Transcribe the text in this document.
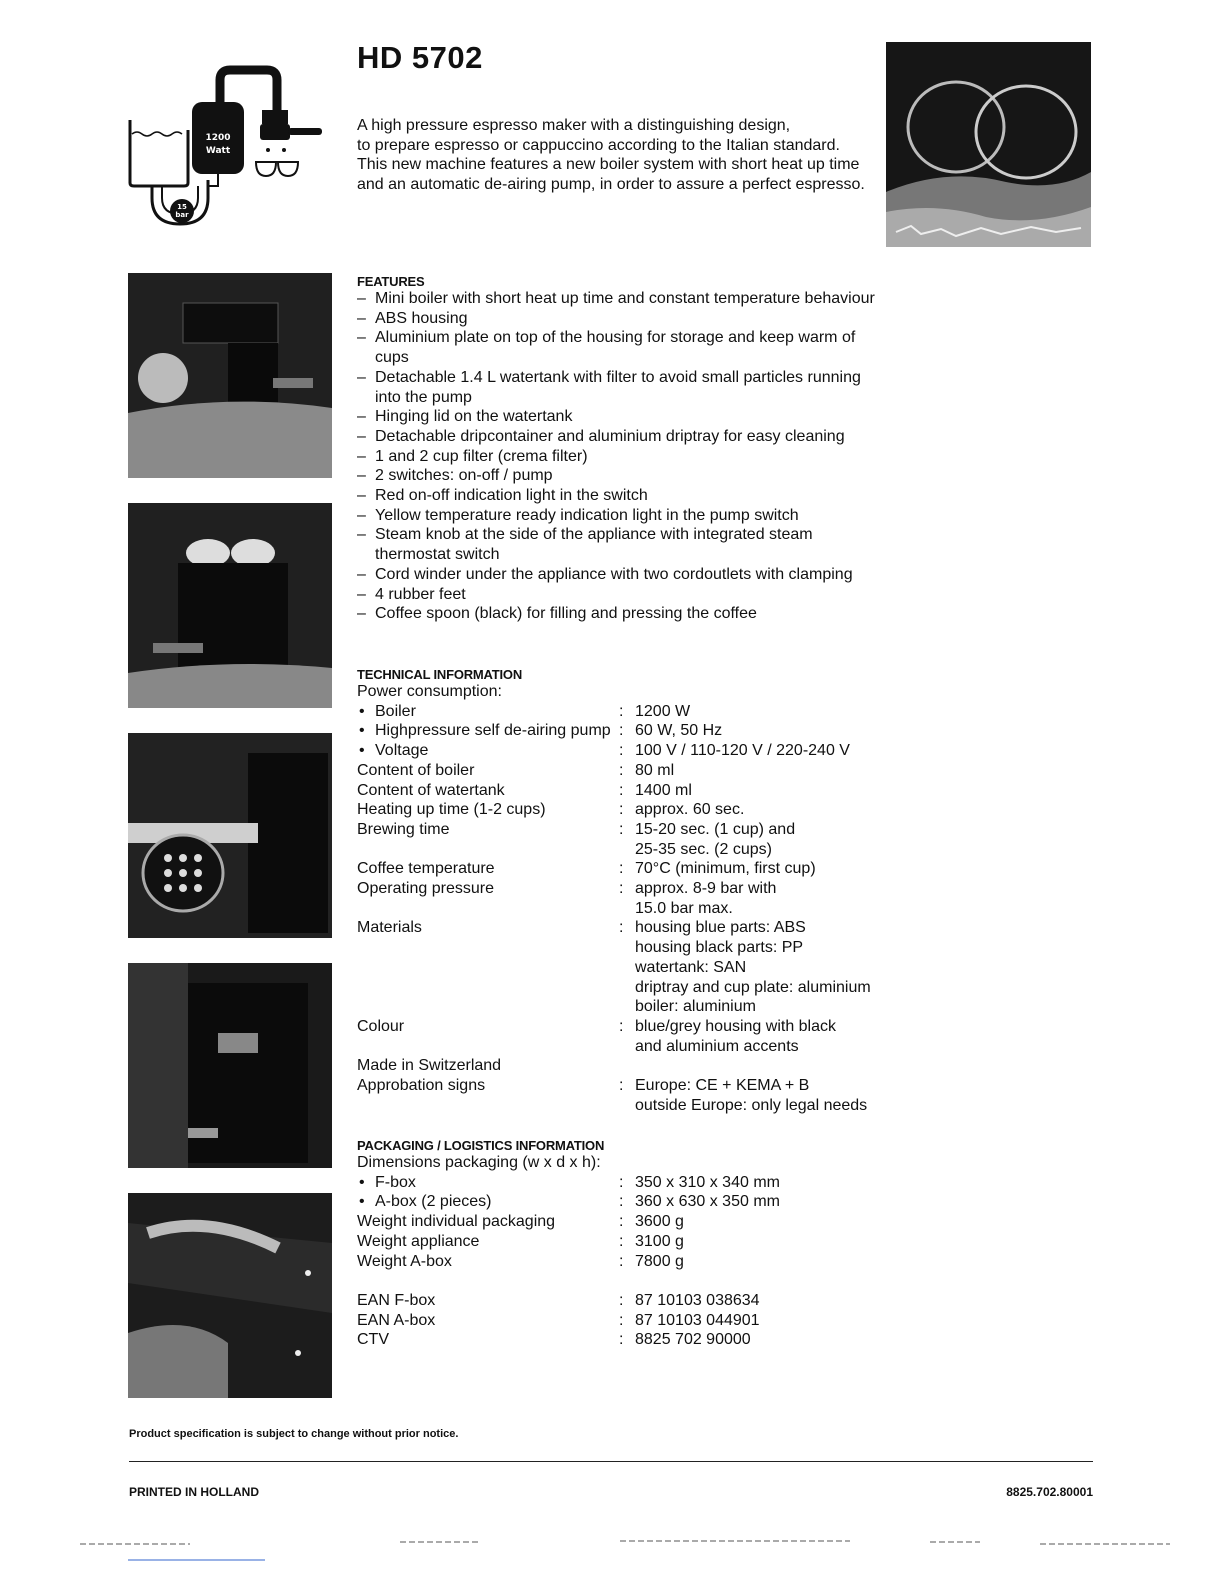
HD 5702
A high pressure espresso maker with a distinguishing design,
to prepare espresso or cappuccino according to the Italian standard.
This new machine features a new boiler system with short heat up time
and an automatic de-airing pump, in order to assure a perfect espresso.
15
bar
1200
Watt
FEATURES
– Mini boiler with short heat up time and constant temperature behaviour
– ABS housing
– Aluminium plate on top of the housing for storage and keep warm of cups
– Detachable 1.4 L watertank with filter to avoid small particles running into the pump
– Hinging lid on the watertank
– Detachable dripcontainer and aluminium driptray for easy cleaning
– 1 and 2 cup filter (crema filter)
– 2 switches: on-off / pump
– Red on-off indication light in the switch
– Yellow temperature ready indication light in the pump switch
– Steam knob at the side of the appliance with integrated steam thermostat switch
– Cord winder under the appliance with two cordoutlets with clamping
– 4 rubber feet
– Coffee spoon (black) for filling and pressing the coffee
TECHNICAL INFORMATION
Power consumption:
• Boiler	: 1200 W
• Highpressure self de-airing pump : 60 W, 50 Hz
• Voltage	: 100 V / 110-120 V / 220-240 V
Content of boiler	: 80 ml
Content of watertank	: 1400 ml
Heating up time (1-2 cups)	: approx. 60 sec.
Brewing time	: 15-20 sec. (1 cup) and
25-35 sec. (2 cups)
Coffee temperature	: 70°C (minimum, first cup)
Operating pressure	: approx. 8-9 bar with
15.0 bar max.
Materials	: housing blue parts: ABS
housing black parts: PP
watertank: SAN
driptray and cup plate: aluminium
boiler: aluminium
Colour	: blue/grey housing with black
and aluminium accents
Made in Switzerland
Approbation signs	: Europe: CE + KEMA + B
outside Europe: only legal needs
PACKAGING / LOGISTICS INFORMATION
Dimensions packaging (w x d x h):
• F-box	: 350 x 310 x 340 mm
• A-box (2 pieces)	: 360 x 630 x 350 mm
Weight individual packaging	: 3600 g
Weight appliance	: 3100 g
Weight A-box	: 7800 g
EAN F-box	: 87 10103 038634
EAN A-box	: 87 10103 044901
CTV	: 8825 702 90000
Product specification is subject to change without prior notice.
PRINTED IN HOLLAND	8825.702.80001
